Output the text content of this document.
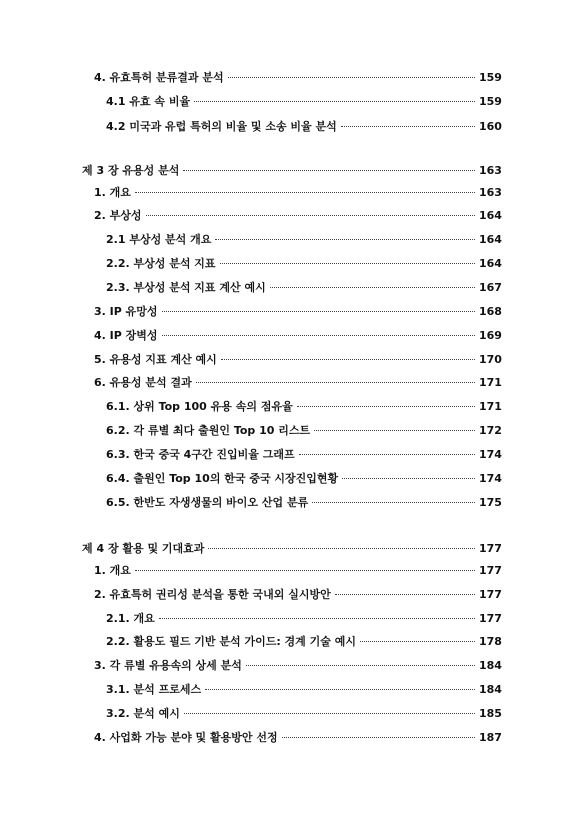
4. 유효특허 분류결과 분석	159
4.1 유효 속 비율	159
4.2 미국과 유럽 특허의 비율 및 소송 비율 분석	160
제 3 장 유용성 분석	163
1. 개요	163
2. 부상성	164
2.1 부상성 분석 개요	164
2.2. 부상성 분석 지표	164
2.3. 부상성 분석 지표 계산 예시	167
3. IP 유망성	168
4. IP 장벽성	169
5. 유용성 지표 계산 예시	170
6. 유용성 분석 결과	171
6.1. 상위 Top 100 유용 속의 점유율	171
6.2. 각 류별 최다 출원인 Top 10 리스트	172
6.3. 한국 중국 4구간 진입비율 그래프	174
6.4. 출원인 Top 10의 한국 중국 시장진입현황	174
6.5. 한반도 자생생물의 바이오 산업 분류	175
제 4 장 활용 및 기대효과	177
1. 개요	177
2. 유효특허 권리성 분석을 통한 국내외 실시방안	177
2.1. 개요	177
2.2. 활용도 필드 기반 분석 가이드: 경계 기술 예시	178
3. 각 류별 유용속의 상세 분석	184
3.1. 분석 프로세스	184
3.2. 분석 예시	185
4. 사업화 가능 분야 및 활용방안 선정	187
